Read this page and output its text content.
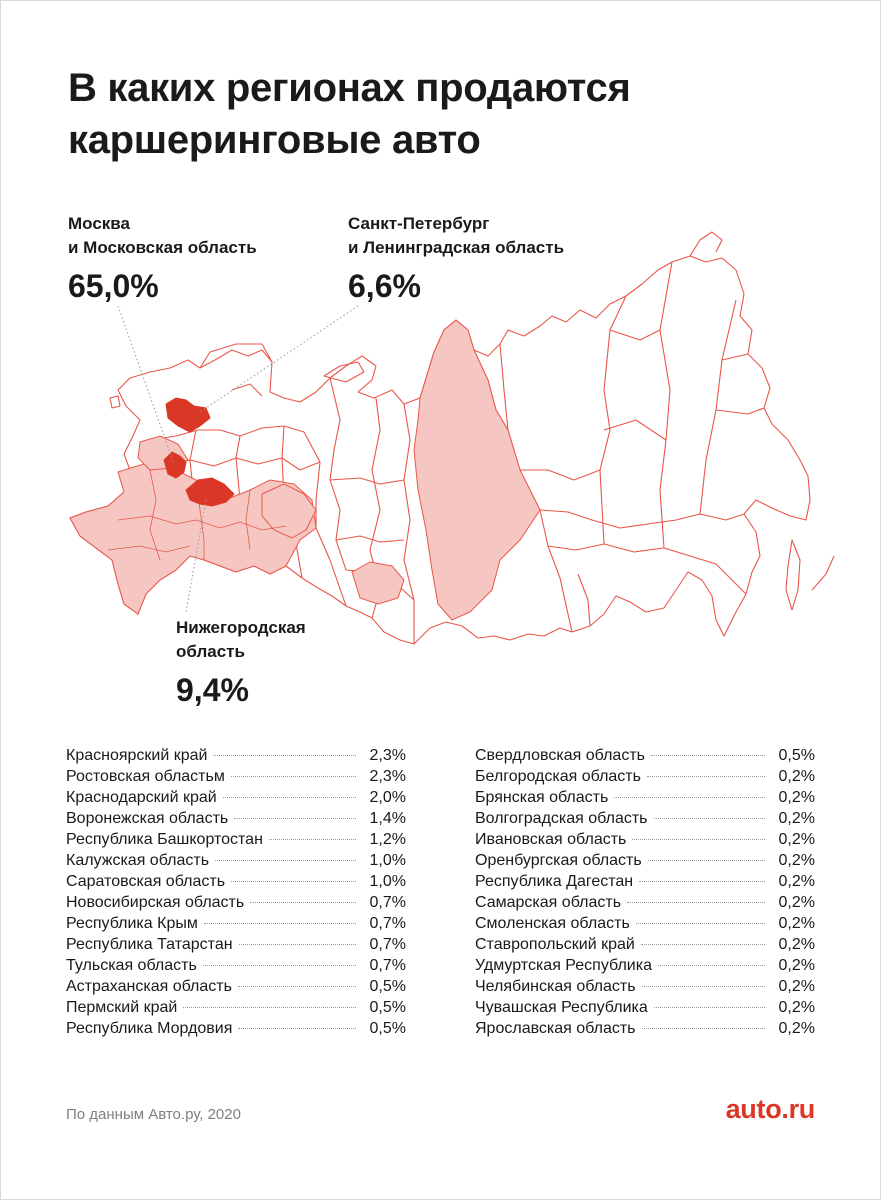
В каких регионах продаются
каршеринговые авто
Москва
и Московская область
65,0%
Санкт-Петербург
и Ленинградская область
6,6%
Нижегородская
область
9,4%
Красноярский край	2,3%
Ростовская областьм	2,3%
Краснодарский край	2,0%
Воронежская область	1,4%
Республика Башкортостан	1,2%
Калужская область	1,0%
Саратовская область	1,0%
Новосибирская область	0,7%
Республика Крым	0,7%
Республика Татарстан	0,7%
Тульская область	0,7%
Астраханская область	0,5%
Пермский край	0,5%
Республика Мордовия	0,5%
Свердловская область	0,5%
Белгородская область	0,2%
Брянская область	0,2%
Волгоградская область	0,2%
Ивановская область	0,2%
Оренбургская область	0,2%
Республика Дагестан	0,2%
Самарская область	0,2%
Смоленская область	0,2%
Ставропольский край	0,2%
Удмуртская Республика	0,2%
Челябинская область	0,2%
Чувашская Республика	0,2%
Ярославская область	0,2%
По данным Авто.ру, 2020	auto.ru
